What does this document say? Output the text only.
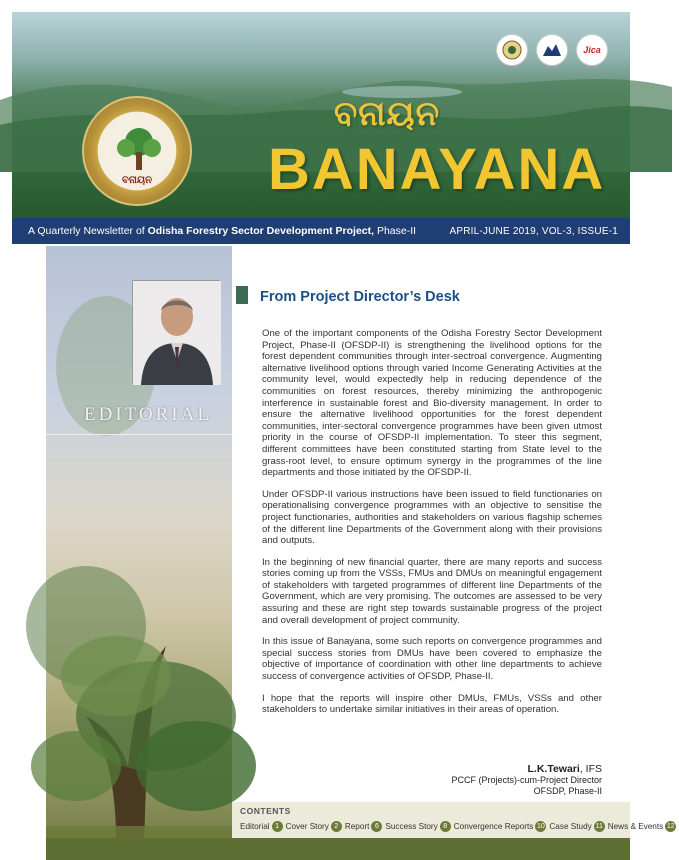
Jica
ବନାୟନ
ବନାୟନ
BANAYANA
A Quarterly Newsletter of Odisha Forestry Sector Development Project, Phase-II	APRIL-JUNE 2019, VOL-3, ISSUE-1
EDITORIAL
From Project Director’s Desk

One of the important components of the Odisha Forestry Sector Development Project, Phase-II (OFSDP-II) is strengthening the livelihood options for the forest dependent communities through inter-sectroal convergence. Augmenting alternative livelihood options through varied Income Generating Activities at the community level, would expectedly help in reducing dependence of the communities on forest resources, thereby minimizing the anthropogenic interference in sustainable forest and Bio-diversity management. In order to ensure the alternative livelihood opportunities for the forest dependent communities, inter-sectoral convergence programmes have been given utmost priority in the course of OFSDP-II implementation. To steer this segment, different committees have been constituted starting from State level to the grass-root level, to ensure optimum synergy in the programmes of the line departments and those initiated by the OFSDP-II.

Under OFSDP-II various instructions have been issued to field functionaries on operationalising convergence programmes with an objective to sensitise the project functionaries, authorities and stakeholders on various flagship schemes of the different line Departments of the Government along with their provisions and outputs.

In the beginning of new financial quarter, there are many reports and success stories coming up from the VSSs, FMUs and DMUs on meaningful engagement of stakeholders with targeted programmes of different line Departments of the Government, which are very promising. The outcomes are assessed to be very assuring and these are right step towards sustainable progress of the project and overall development of project community.

In this issue of Banayana, some such reports on convergence programmes and special success stories from DMUs have been covered to emphasize the objective of importance of coordination with other line departments to achieve success of convergence activities of OFSDP, Phase-II.

I hope that the reports will inspire other DMUs, FMUs, VSSs and other stakeholders to undertake similar initiatives in their areas of operation.

L.K.Tewari, IFS
PCCF (Projects)-cum-Project Director
OFSDP, Phase-II
CONTENTS
Editorial 1 Cover Story 2 Report 6 Success Story 8 Convergence Reports 10 Case Study 11 News & Events 12
